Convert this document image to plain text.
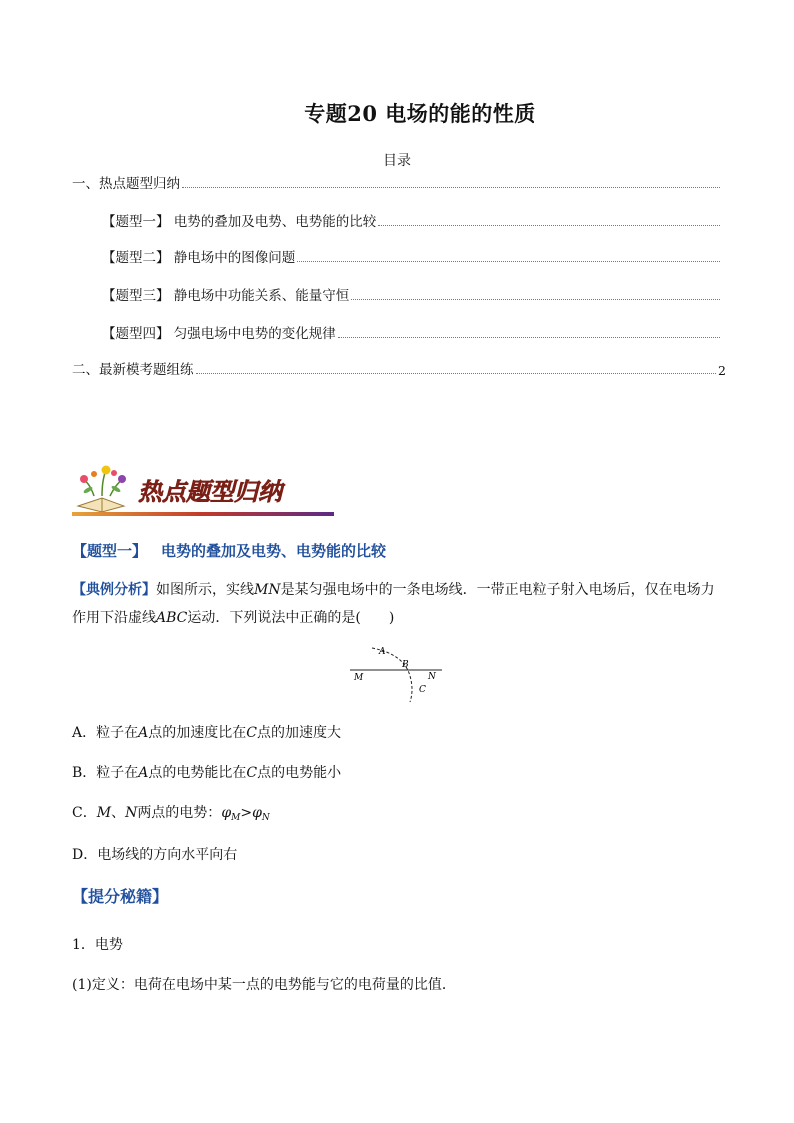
专题20 电场的能的性质
目录
一、热点题型归纳
【题型一】 电势的叠加及电势、电势能的比较
【题型二】 静电场中的图像问题
【题型三】 静电场中功能关系、能量守恒
【题型四】 匀强电场中电势的变化规律
二、最新模考题组练	2
热点题型归纳
【题型一】 电势的叠加及电势、电势能的比较
【典例分析】如图所示，实线MN是某匀强电场中的一条电场线．一带正电粒子射入电场后，仅在电场力
作用下沿虚线ABC运动．下列说法中正确的是(　　)
A
B
C
M	N
A．粒子在A点的加速度比在C点的加速度大
B．粒子在A点的电势能比在C点的电势能小
C．M、N两点的电势：$\varphi_M>\varphi_N$
D．电场线的方向水平向右
【提分秘籍】
1．电势
(1)定义：电荷在电场中某一点的电势能与它的电荷量的比值．
